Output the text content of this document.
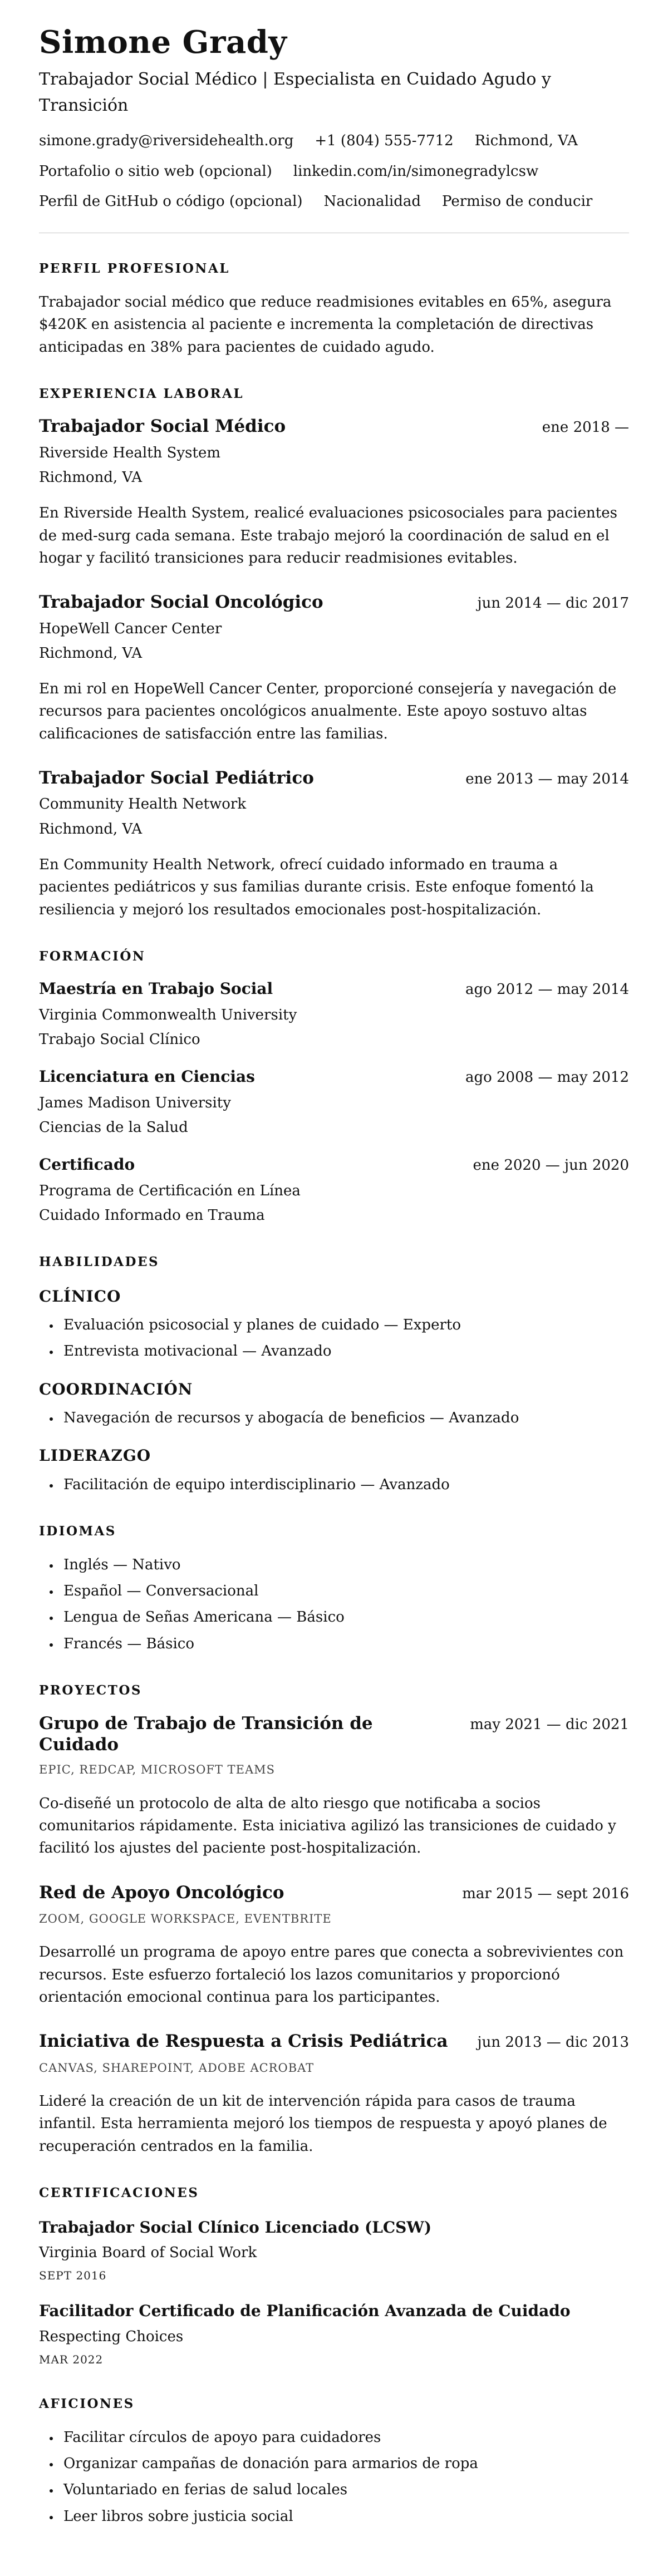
Simone Grady

Trabajador Social Médico | Especialista en Cuidado Agudo y Transición

simone.grady@riversidehealth.org +1 (804) 555-7712 Richmond, VA
Portafolio o sitio web (opcional) linkedin.com/in/simonegradylcsw
Perfil de GitHub o código (opcional) Nacionalidad Permiso de conducir
PERFIL PROFESIONAL

Trabajador social médico que reduce readmisiones evitables en 65%, asegura $420K en asistencia al paciente e incrementa la completación de directivas anticipadas en 38% para pacientes de cuidado agudo.

EXPERIENCIA LABORAL
Trabajador Social Médico	ene 2018 —

Riverside Health System

Richmond, VA

En Riverside Health System, realicé evaluaciones psicosociales para pacientes de med-surg cada semana. Este trabajo mejoró la coordinación de salud en el hogar y facilitó transiciones para reducir readmisiones evitables.

Trabajador Social Oncológico	jun 2014 — dic 2017

HopeWell Cancer Center

Richmond, VA

En mi rol en HopeWell Cancer Center, proporcioné consejería y navegación de recursos para pacientes oncológicos anualmente. Este apoyo sostuvo altas calificaciones de satisfacción entre las familias.

Trabajador Social Pediátrico	ene 2013 — may 2014

Community Health Network

Richmond, VA

En Community Health Network, ofrecí cuidado informado en trauma a pacientes pediátricos y sus familias durante crisis. Este enfoque fomentó la resiliencia y mejoró los resultados emocionales post-hospitalización.

FORMACIÓN
Maestría en Trabajo Social	ago 2012 — may 2014

Virginia Commonwealth University

Trabajo Social Clínico

Licenciatura en Ciencias	ago 2008 — may 2012

James Madison University

Ciencias de la Salud

Certificado	ene 2020 — jun 2020

Programa de Certificación en Línea

Cuidado Informado en Trauma

HABILIDADES
CLÍNICO
• Evaluación psicosocial y planes de cuidado — Experto
• Entrevista motivacional — Avanzado
COORDINACIÓN
• Navegación de recursos y abogacía de beneficios — Avanzado
LIDERAZGO
• Facilitación de equipo interdisciplinario — Avanzado
IDIOMAS
• Inglés — Nativo
• Español — Conversacional
• Lengua de Señas Americana — Básico
• Francés — Básico
PROYECTOS
Grupo de Trabajo de Transición de Cuidado
may 2021 — dic 2021

EPIC, REDCAP, MICROSOFT TEAMS

Co-diseñé un protocolo de alta de alto riesgo que notificaba a socios comunitarios rápidamente. Esta iniciativa agilizó las transiciones de cuidado y facilitó los ajustes del paciente post-hospitalización.

Red de Apoyo Oncológico	mar 2015 — sept 2016

ZOOM, GOOGLE WORKSPACE, EVENTBRITE

Desarrollé un programa de apoyo entre pares que conecta a sobrevivientes con recursos. Este esfuerzo fortaleció los lazos comunitarios y proporcionó orientación emocional continua para los participantes.

Iniciativa de Respuesta a Crisis Pediátrica jun 2013 — dic 2013

CANVAS, SHAREPOINT, ADOBE ACROBAT

Lideré la creación de un kit de intervención rápida para casos de trauma infantil. Esta herramienta mejoró los tiempos de respuesta y apoyó planes de recuperación centrados en la familia.

CERTIFICACIONES
Trabajador Social Clínico Licenciado (LCSW)

Virginia Board of Social Work

SEPT 2016

Facilitador Certificado de Planificación Avanzada de Cuidado

Respecting Choices

MAR 2022

AFICIONES
• Facilitar círculos de apoyo para cuidadores
• Organizar campañas de donación para armarios de ropa
• Voluntariado en ferias de salud locales
• Leer libros sobre justicia social
